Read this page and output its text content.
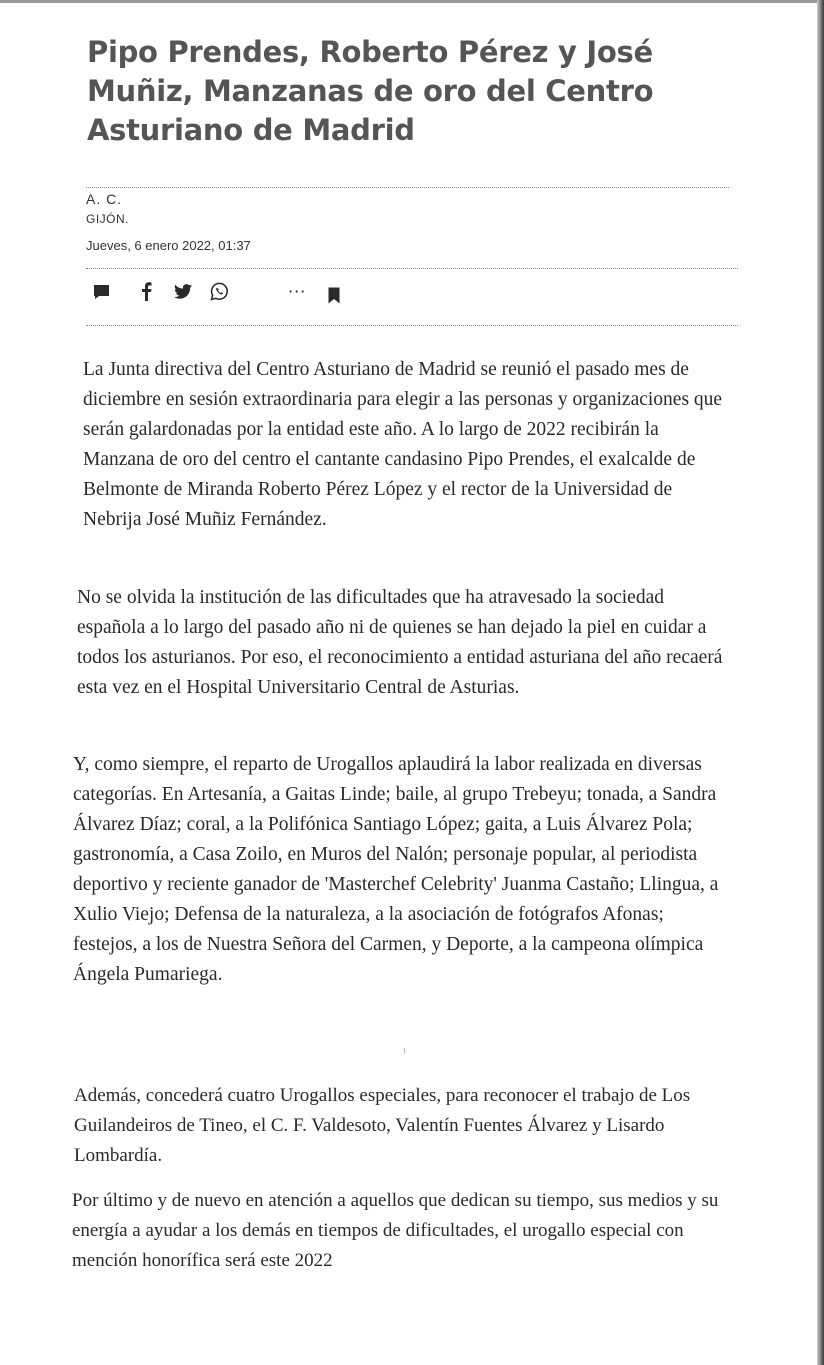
Pipo Prendes, Roberto Pérez y José Muñiz, Manzanas de oro del Centro Asturiano de Madrid
A. C.
GIJÓN.
Jueves, 6 enero 2022, 01:37
···

La Junta directiva del Centro Asturiano de Madrid se reunió el pasado mes de diciembre en sesión extraordinaria para elegir a las personas y organizaciones que serán galardonadas por la entidad este año. A lo largo de 2022 recibirán la Manzana de oro del centro el cantante candasino Pipo Prendes, el exalcalde de Belmonte de Miranda Roberto Pérez López y el rector de la Universidad de Nebrija José Muñiz Fernández.

No se olvida la institución de las dificultades que ha atravesado la sociedad española a lo largo del pasado año ni de quienes se han dejado la piel en cuidar a todos los asturianos. Por eso, el reconocimiento a entidad asturiana del año recaerá esta vez en el Hospital Universitario Central de Asturias.

Y, como siempre, el reparto de Urogallos aplaudirá la labor realizada en diversas categorías. En Artesanía, a Gaitas Linde; baile, al grupo Trebeyu; tonada, a Sandra Álvarez Díaz; coral, a la Polifónica Santiago López; gaita, a Luis Álvarez Pola; gastronomía, a Casa Zoilo, en Muros del Nalón; personaje popular, al periodista deportivo y reciente ganador de 'Masterchef Celebrity' Juanma Castaño; Llingua, a Xulio Viejo; Defensa de la naturaleza, a la asociación de fotógrafos Afonas; festejos, a los de Nuestra Señora del Carmen, y Deporte, a la campeona olímpica Ángela Pumariega.

Además, concederá cuatro Urogallos especiales, para reconocer el trabajo de Los Guilandeiros de Tineo, el C. F. Valdesoto, Valentín Fuentes Álvarez y Lisardo Lombardía.

Por último y de nuevo en atención a aquellos que dedican su tiempo, sus medios y su energía a ayudar a los demás en tiempos de dificultades, el urogallo especial con mención honorífica será este 2022
